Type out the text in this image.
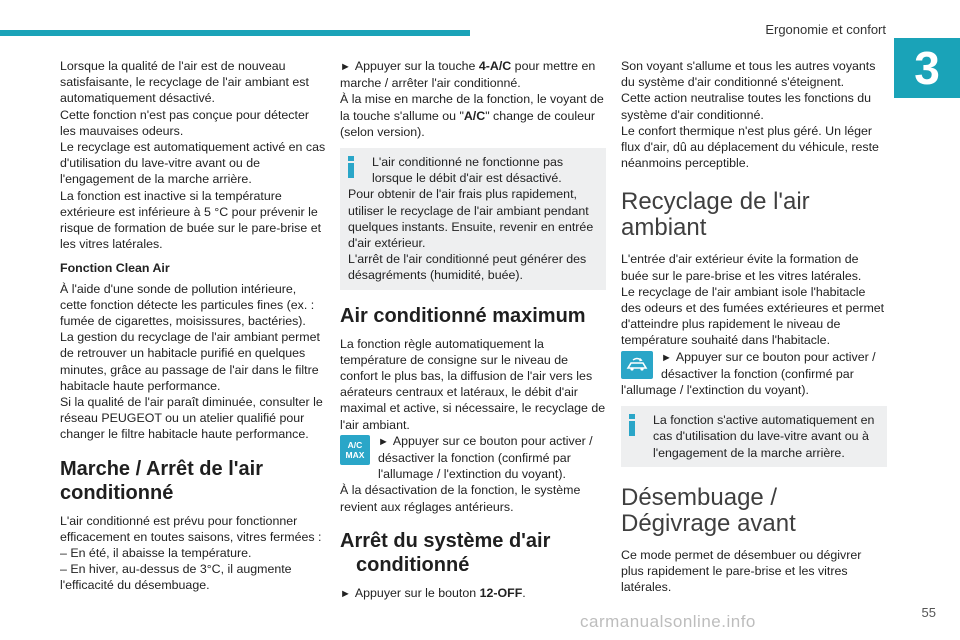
Ergonomie et confort
3

Lorsque la qualité de l'air est de nouveau satisfaisante, le recyclage de l'air ambiant est automatiquement désactivé.

Cette fonction n'est pas conçue pour détecter les mauvaises odeurs.

Le recyclage est automatiquement activé en cas d'utilisation du lave-vitre avant ou de l'engagement de la marche arrière.

La fonction est inactive si la température extérieure est inférieure à 5 °C pour prévenir le risque de formation de buée sur le pare-brise et les vitres latérales.

Fonction Clean Air

À l'aide d'une sonde de pollution intérieure, cette fonction détecte les particules fines (ex. : fumée de cigarettes, moisissures, bactéries).

La gestion du recyclage de l'air ambiant permet de retrouver un habitacle purifié en quelques minutes, grâce au passage de l'air dans le filtre habitacle haute performance.

Si la qualité de l'air paraît diminuée, consulter le réseau PEUGEOT ou un atelier qualifié pour changer le filtre habitacle haute performance.

Marche / Arrêt de l'air conditionné

L'air conditionné est prévu pour fonctionner efficacement en toutes saisons, vitres fermées :

– En été, il abaisse la température.

– En hiver, au-dessus de 3°C, il augmente l'efficacité du désembuage.

► Appuyer sur la touche 4-A/C pour mettre en marche / arrêter l'air conditionné.

À la mise en marche de la fonction, le voyant de la touche s'allume ou "A/C" change de couleur (selon version).

L'air conditionné ne fonctionne pas lorsque le débit d'air est désactivé.

Pour obtenir de l'air frais plus rapidement, utiliser le recyclage de l'air ambiant pendant quelques instants. Ensuite, revenir en entrée d'air extérieur.

L'arrêt de l'air conditionné peut générer des désagréments (humidité, buée).

Air conditionné maximum

La fonction règle automatiquement la température de consigne sur le niveau de confort le plus bas, la diffusion de l'air vers les aérateurs centraux et latéraux, le débit d'air maximal et active, si nécessaire, le recyclage de l'air ambiant.

A/C
MAX

► Appuyer sur ce bouton pour activer / désactiver la fonction (confirmé par l'allumage / l'extinction du voyant).

À la désactivation de la fonction, le système revient aux réglages antérieurs.

Arrêt du système d'air conditionné

► Appuyer sur le bouton 12-OFF.

Son voyant s'allume et tous les autres voyants du système d'air conditionné s'éteignent.

Cette action neutralise toutes les fonctions du système d'air conditionné.

Le confort thermique n'est plus géré. Un léger flux d'air, dû au déplacement du véhicule, reste néanmoins perceptible.

Recyclage de l'air ambiant

L'entrée d'air extérieur évite la formation de buée sur le pare-brise et les vitres latérales.

Le recyclage de l'air ambiant isole l'habitacle des odeurs et des fumées extérieures et permet d'atteindre plus rapidement le niveau de température souhaité dans l'habitacle.

► Appuyer sur ce bouton pour activer / désactiver la fonction (confirmé par l'allumage / l'extinction du voyant).

La fonction s'active automatiquement en cas d'utilisation du lave-vitre avant ou à l'engagement de la marche arrière.

Désembuage / Dégivrage avant

Ce mode permet de désembuer ou dégivrer plus rapidement le pare-brise et les vitres latérales.

55
carmanualsonline.info
